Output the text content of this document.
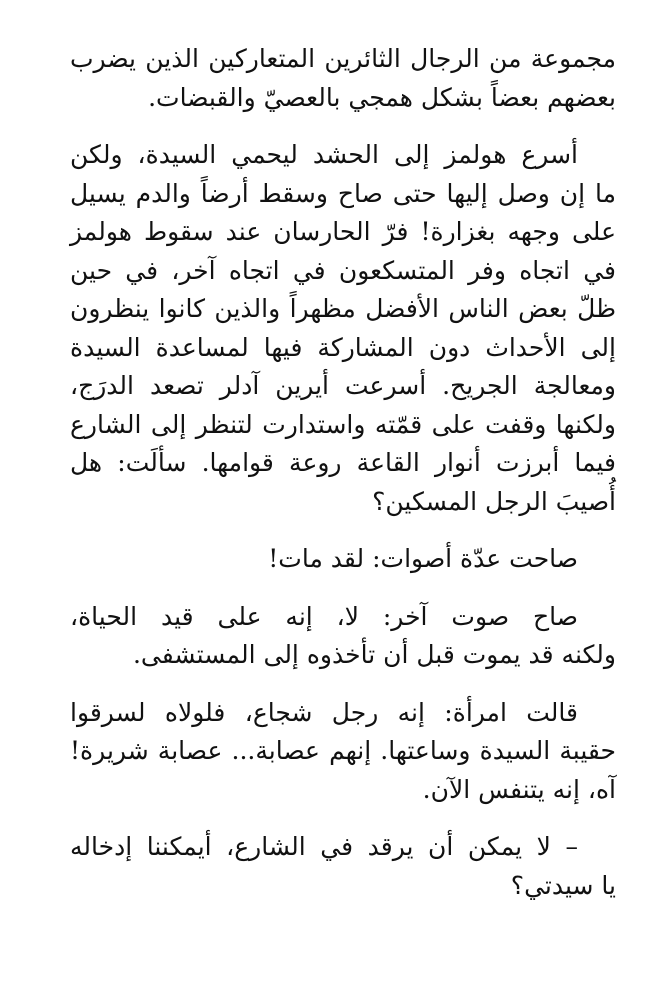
مجموعة من الرجال الثائرين المتعاركين الذين يضرب
بعضهم بعضاً بشكل همجي بالعصيّ والقبضات.
أسرع هولمز إلى الحشد ليحمي السيدة، ولكن
ما إن وصل إليها حتى صاح وسقط أرضاً والدم يسيل
على وجهه بغزارة! فرّ الحارسان عند سقوط هولمز
في اتجاه وفر المتسكعون في اتجاه آخر، في حين
ظلّ بعض الناس الأفضل مظهراً والذين كانوا ينظرون
إلى الأحداث دون المشاركة فيها لمساعدة السيدة
ومعالجة الجريح. أسرعت أيرين آدلر تصعد الدرَج،
ولكنها وقفت على قمّته واستدارت لتنظر إلى الشارع
فيما أبرزت أنوار القاعة روعة قوامها. سألَت: هل
أُصيبَ الرجل المسكين؟
صاحت عدّة أصوات: لقد مات!
صاح صوت آخر: لا، إنه على قيد الحياة،
ولكنه قد يموت قبل أن تأخذوه إلى المستشفى.
قالت امرأة: إنه رجل شجاع، فلولاه لسرقوا
حقيبة السيدة وساعتها. إنهم عصابة... عصابة شريرة!
آه، إنه يتنفس الآن.
– لا يمكن أن يرقد في الشارع، أيمكننا إدخاله
يا سيدتي؟
